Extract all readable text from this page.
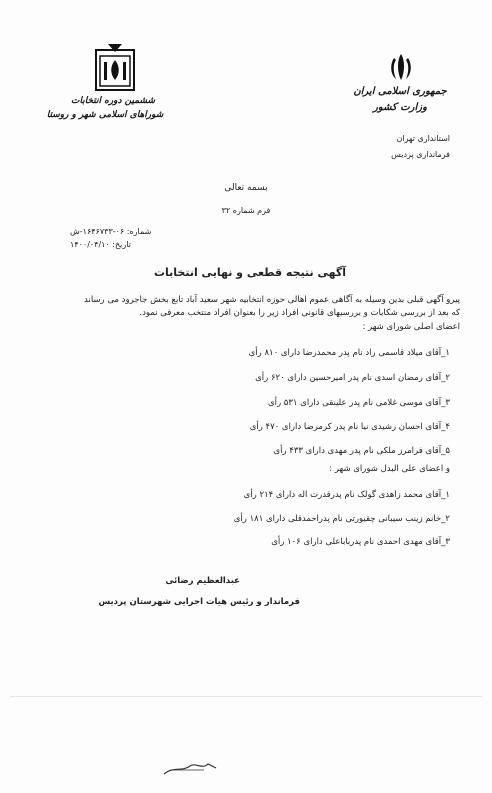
ششمین دوره انتخابات
شوراهای اسلامی شهر و روستا
جمهوری اسلامی ایران
وزارت کشور
استانداری تهران
فرمانداری پردیس
بسمه تعالی
فرم شماره ۳۲
شماره: ۰۶-۱۶۴۶۷۳۳-ش
تاریخ: ۱۴۰۰/۰۴/۱۰
آگهی نتیجه قطعی و نهایی انتخابات
پیرو آگهی قبلی بدین وسیله به آگاهی عموم اهالی حوزه انتخابیه شهر سعید آباد تابع بخش جاجرود می رساند
که بعد از بررسی شکایات و بررسیهای قانونی افراد زیر را بعنوان افراد منتخب معرفی نمود.
اعضای اصلی شورای شهر :
۱_آقای میلاد قاسمی راد نام پدر محمدرضا دارای ۸۱۰ رأی
۲_آقای رمضان اسدی نام پدر امیرحسین دارای ۶۲۰ رأی
۳_آقای موسی غلامی نام پدر علینقی دارای ۵۳۱ رأی
۴_آقای احسان رشیدی نیا نام پدر کرمرضا دارای ۴۷۰ رأی
۵_آقای فرامرز ملکی نام پدر مهدی دارای ۴۳۳ رأی
و اعضای علی البدل شورای شهر :
۱_آقای محمد زاهدی گولک نام پدرقدرت اله دارای ۲۱۴ رأی
۲_خانم زینب سیبانی چقیورتی نام پدراحمدقلی دارای ۱۸۱ رأی
۳_آقای مهدی احمدی نام پدرباباعلی دارای ۱۰۶ رأی
عبدالعظیم رضائی
فرماندار و رئیس هیات اجرایی شهرستان پردیس
